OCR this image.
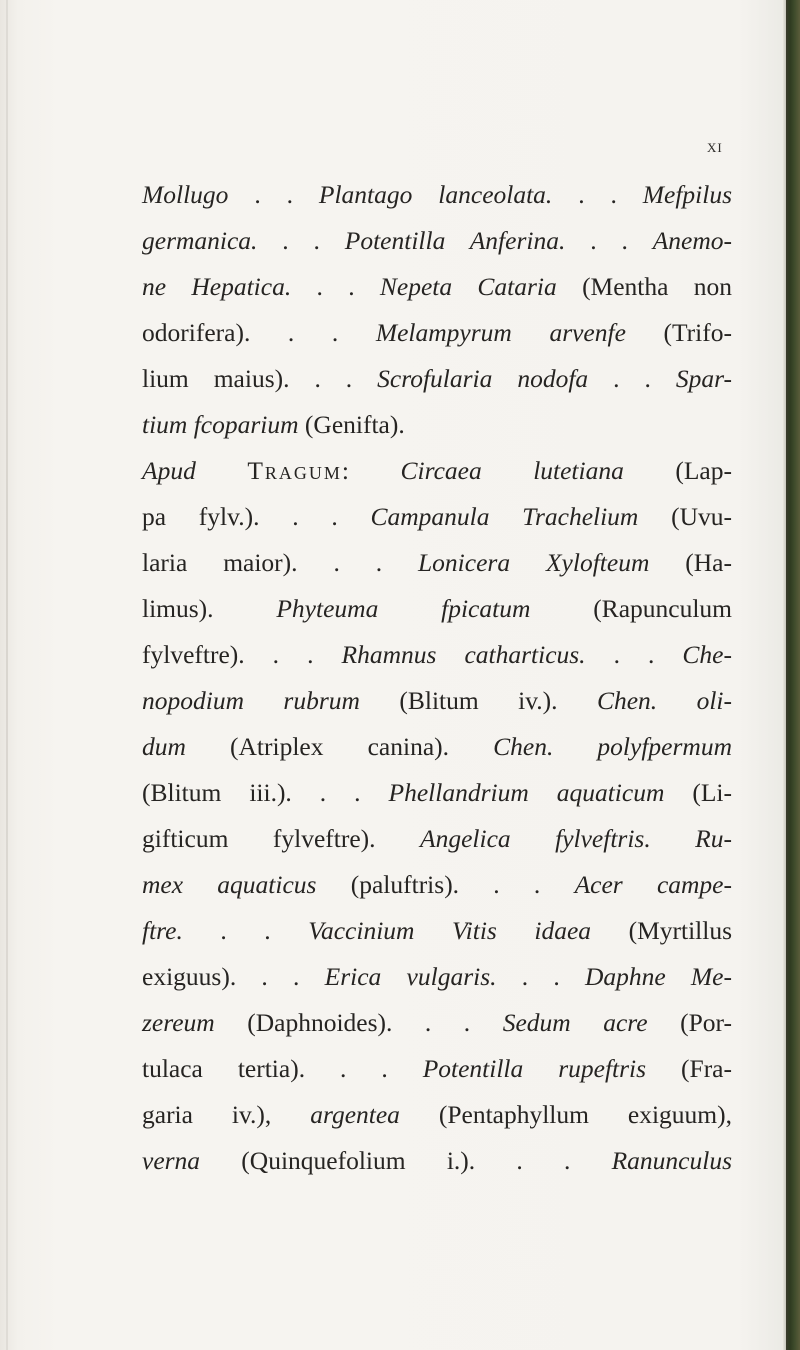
xi
Mollugo . . Plantago lanceolata. . . Mefpilus
germanica. . . Potentilla Anferina. . . Anemo-
ne Hepatica. . . Nepeta Cataria (Mentha non
odorifera). . . Melampyrum arvenfe (Trifo-
lium maius). . . Scrofularia nodofa . . Spar-
tium fcoparium (Genifta).
Apud Tragum: Circaea lutetiana (Lap-
pa fylv.). . . Campanula Trachelium (Uvu-
laria maior). . . Lonicera Xylofteum (Ha-
limus). Phyteuma fpicatum (Rapunculum
fylveftre). . . Rhamnus catharticus. . . Che-
nopodium rubrum (Blitum iv.). Chen. oli-
dum (Atriplex canina). Chen. polyfpermum
(Blitum iii.). . . Phellandrium aquaticum (Li-
gifticum fylveftre). Angelica fylveftris. Ru-
mex aquaticus (paluftris). . . Acer campe-
ftre. . . Vaccinium Vitis idaea (Myrtillus
exiguus). . . Erica vulgaris. . . Daphne Me-
zereum (Daphnoides). . . Sedum acre (Por-
tulaca tertia). . . Potentilla rupeftris (Fra-
garia iv.), argentea (Pentaphyllum exiguum),
verna (Quinquefolium i.). . . Ranunculus
